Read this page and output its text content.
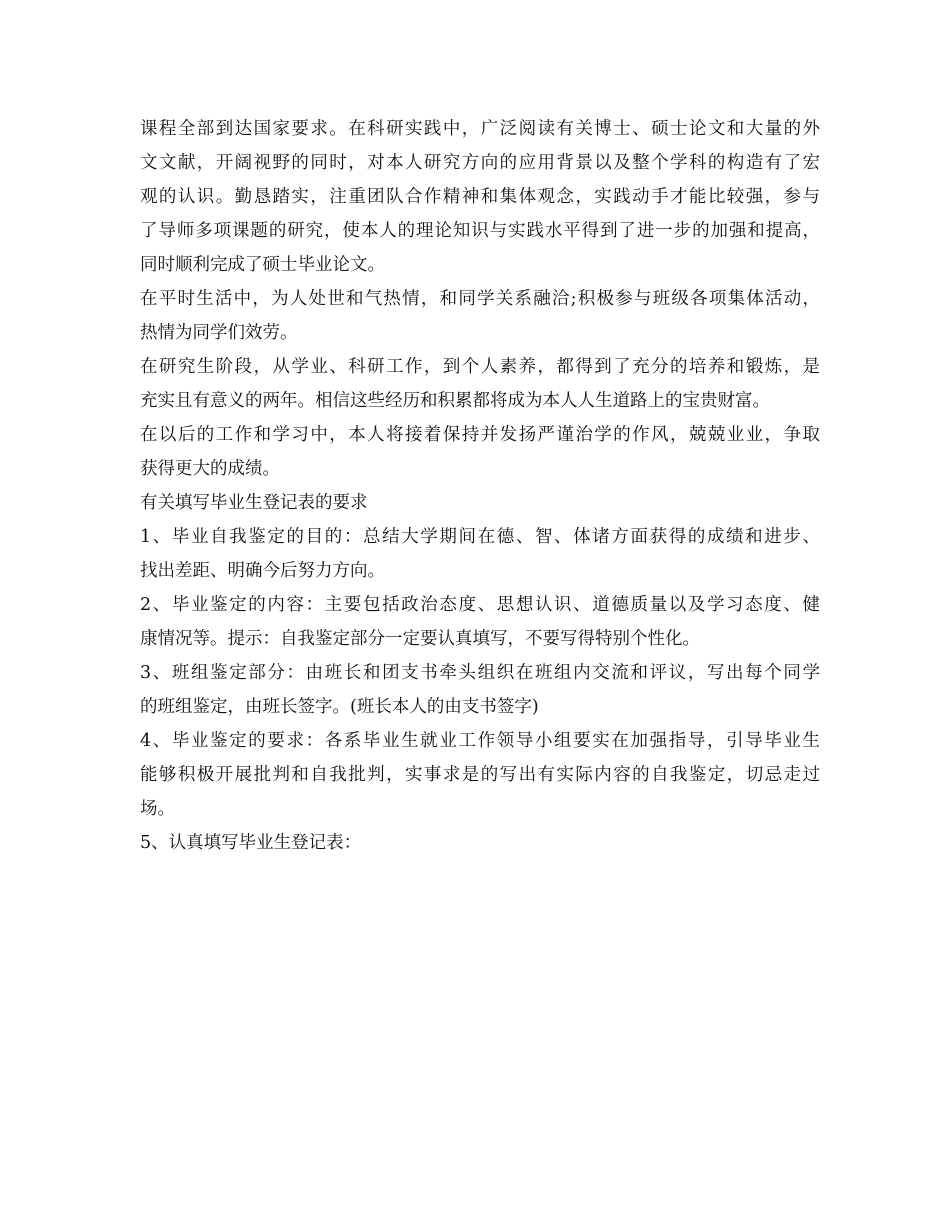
课程全部到达国家要求。在科研实践中，广泛阅读有关博士、硕士论文和大量的外
文文献，开阔视野的同时，对本人研究方向的应用背景以及整个学科的构造有了宏
观的认识。勤恳踏实，注重团队合作精神和集体观念，实践动手才能比较强，参与
了导师多项课题的研究，使本人的理论知识与实践水平得到了进一步的加强和提高，
同时顺利完成了硕士毕业论文。
在平时生活中，为人处世和气热情，和同学关系融洽;积极参与班级各项集体活动，
热情为同学们效劳。
在研究生阶段，从学业、科研工作，到个人素养，都得到了充分的培养和锻炼，是
充实且有意义的两年。相信这些经历和积累都将成为本人人生道路上的宝贵财富。
在以后的工作和学习中，本人将接着保持并发扬严谨治学的作风，兢兢业业，争取
获得更大的成绩。
有关填写毕业生登记表的要求
1、毕业自我鉴定的目的：总结大学期间在德、智、体诸方面获得的成绩和进步、
找出差距、明确今后努力方向。
2、毕业鉴定的内容：主要包括政治态度、思想认识、道德质量以及学习态度、健
康情况等。提示：自我鉴定部分一定要认真填写，不要写得特别个性化。
3、班组鉴定部分：由班长和团支书牵头组织在班组内交流和评议，写出每个同学
的班组鉴定，由班长签字。(班长本人的由支书签字)
4、毕业鉴定的要求：各系毕业生就业工作领导小组要实在加强指导，引导毕业生
能够积极开展批判和自我批判，实事求是的写出有实际内容的自我鉴定，切忌走过
场。
5、认真填写毕业生登记表：
